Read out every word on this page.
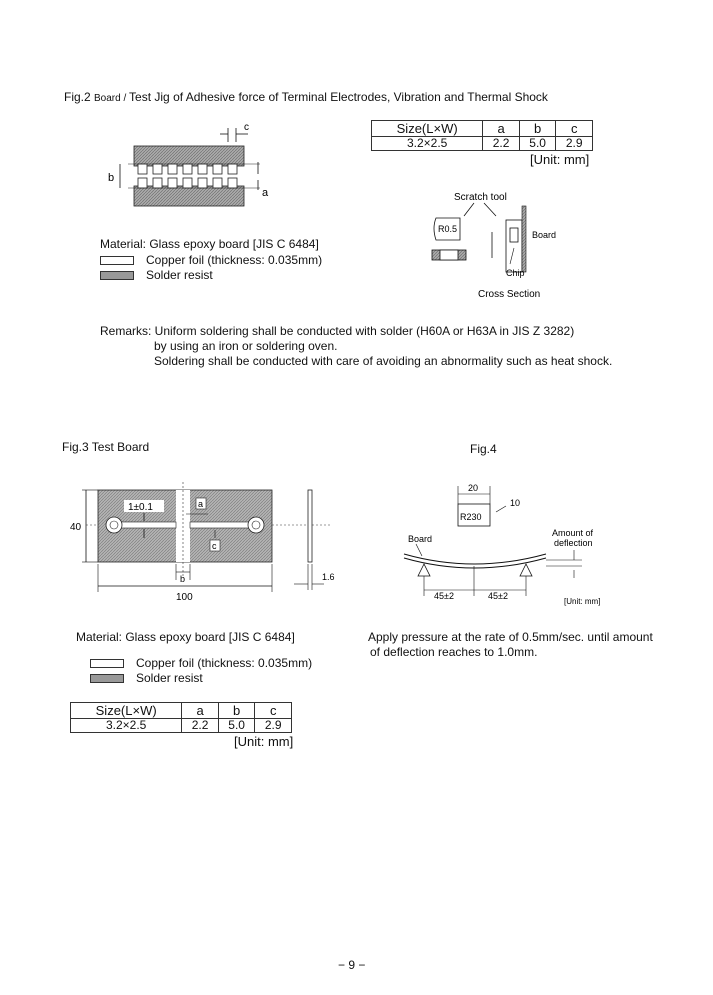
Fig.2 Board / Test Jig of Adhesive force of Terminal Electrodes, Vibration and Thermal Shock
c
b
a
Material: Glass epoxy board [JIS C 6484]
Copper foil (thickness: 0.035mm)
Solder resist
Size(L×W)	a	b	c
3.2×2.5	2.2	5.0	2.9
[Unit: mm]
Scratch tool
R0.5
Board
Chip
Cross Section
Remarks: Uniform soldering shall be conducted with solder (H60A or H63A in JIS Z 3282)
by using an iron or soldering oven.
Soldering shall be conducted with care of avoiding an abnormality such as heat shock.
Fig.3 Test Board
1±0.1	a
c
40
b
100
1.6
Material: Glass epoxy board [JIS C 6484]
Copper foil (thickness: 0.035mm)
Solder resist
Size(L×W)	a	b	c
3.2×2.5	2.2	5.0	2.9
[Unit: mm]
Fig.4
20
R230
10
Board
45±2	45±2
Amount of
deflection
[Unit: mm]
Apply pressure at the rate of 0.5mm/sec. until amount
of deflection reaches to 1.0mm.
− 9 −
